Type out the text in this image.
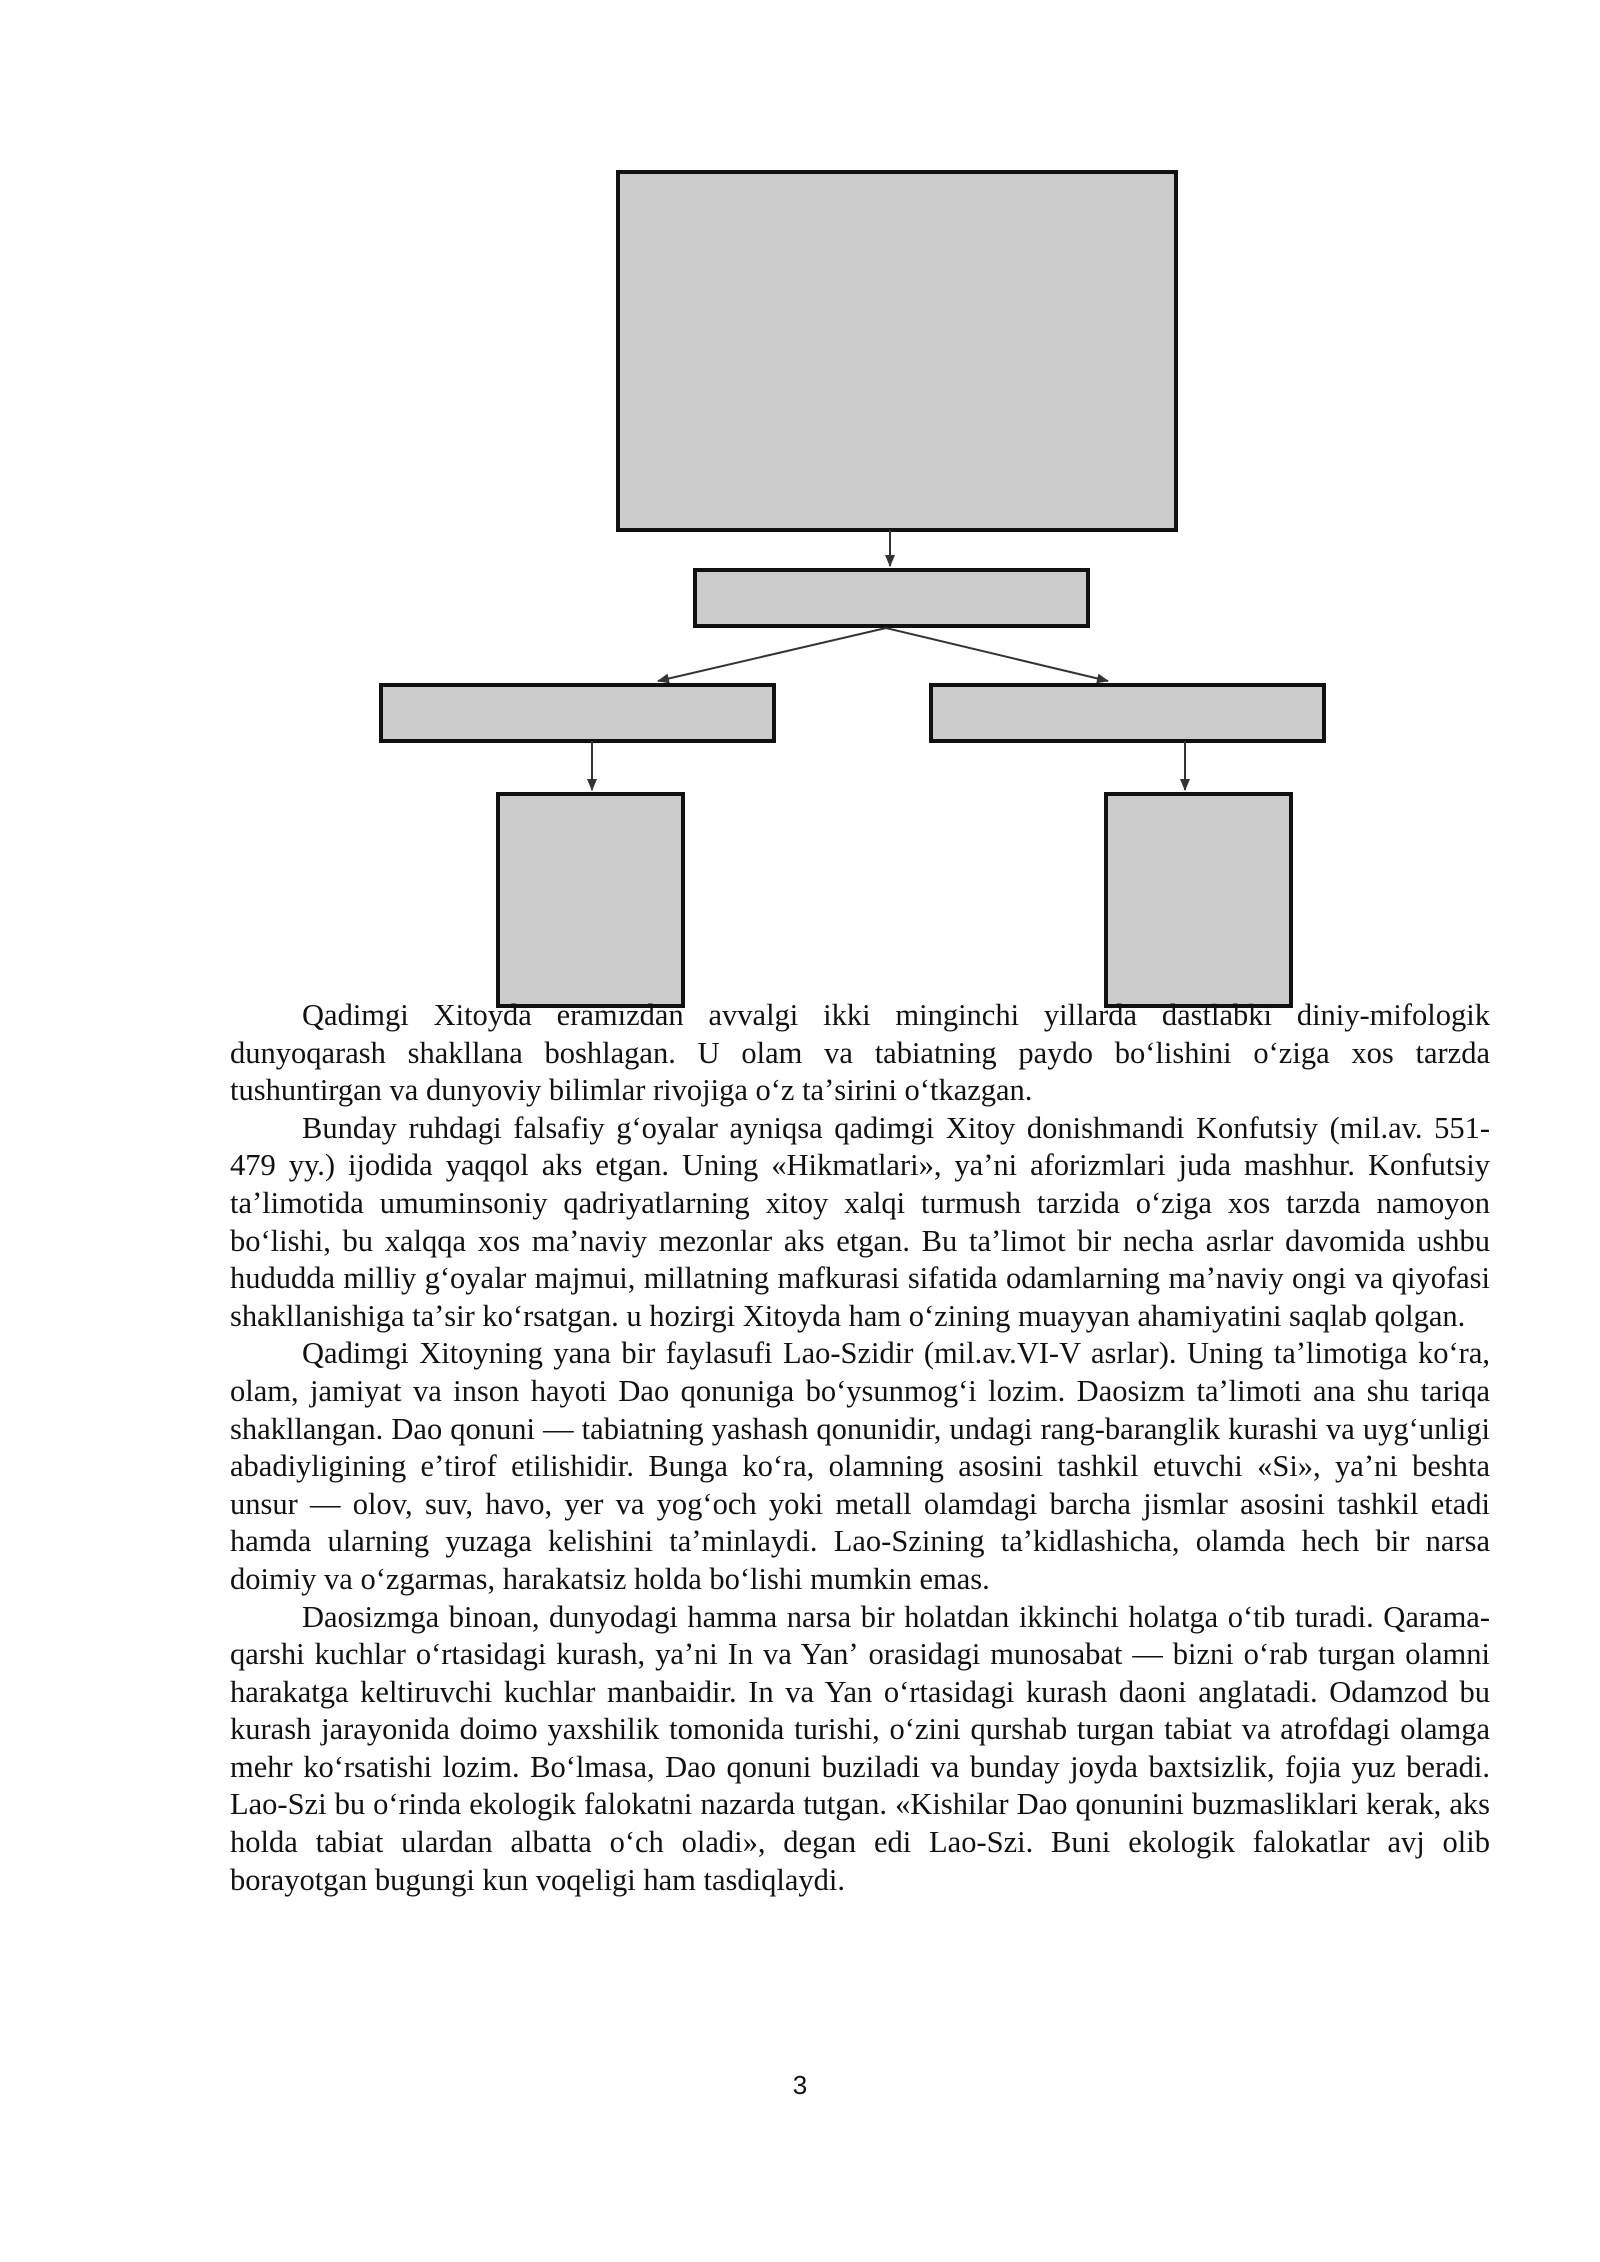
Qadimgi Xitoyda eramizdan avvalgi ikki minginchi yillarda dastlabki diniy-mifologik dunyoqarash shakllana boshlagan. U olam va tabiatning paydo boʻlishini oʻziga xos tarzda tushuntirgan va dunyoviy bilimlar rivojiga oʻz taʼsirini oʻtkazgan.

Bunday ruhdagi falsafiy gʻoyalar ayniqsa qadimgi Xitoy donishmandi Konfutsiy (mil.av. 551-479 yy.) ijodida yaqqol aks etgan. Uning «Hikmatlari», yaʼni aforizmlari juda mashhur. Konfutsiy taʼlimotida umuminsoniy qadriyatlarning xitoy xalqi turmush tarzida oʻziga xos tarzda namoyon boʻlishi, bu xalqqa xos maʼnaviy mezonlar aks etgan. Bu taʼlimot bir necha asrlar davomida ushbu hududda milliy gʻoyalar majmui, millatning mafkurasi sifatida odamlarning maʼnaviy ongi va qiyofasi shakllanishiga taʼsir koʻrsatgan. u hozirgi Xitoyda ham oʻzining muayyan ahamiyatini saqlab qolgan.

Qadimgi Xitoyning yana bir faylasufi Lao-Szidir (mil.av.VI-V asrlar). Uning taʼlimotiga koʻra, olam, jamiyat va inson hayoti Dao qonuniga boʻysunmogʻi lozim. Daosizm taʼlimoti ana shu tariqa shakllangan. Dao qonuni — tabiatning yashash qonunidir, undagi rang-baranglik kurashi va uygʻunligi abadiyligining eʼtirof etilishidir. Bunga koʻra, olamning asosini tashkil etuvchi «Si», yaʼni beshta unsur — olov, suv, havo, yer va yogʻoch yoki metall olamdagi barcha jismlar asosini tashkil etadi hamda ularning yuzaga kelishini taʼminlaydi. Lao-Szining taʼkidlashicha, olamda hech bir narsa doimiy va oʻzgarmas, harakatsiz holda boʻlishi mumkin emas.

Daosizmga binoan, dunyodagi hamma narsa bir holatdan ikkinchi holatga oʻtib turadi. Qarama-qarshi kuchlar oʻrtasidagi kurash, yaʼni In va Yanʼ orasidagi munosabat — bizni oʻrab turgan olamni harakatga keltiruvchi kuchlar manbaidir. In va Yan oʻrtasidagi kurash daoni anglatadi. Odamzod bu kurash jarayonida doimo yaxshilik tomonida turishi, oʻzini qurshab turgan tabiat va atrofdagi olamga mehr koʻrsatishi lozim. Boʻlmasa, Dao qonuni buziladi va bunday joyda baxtsizlik, fojia yuz beradi. Lao-Szi bu oʻrinda ekologik falokatni nazarda tutgan. «Kishilar Dao qonunini buzmasliklari kerak, aks holda tabiat ulardan albatta oʻch oladi», degan edi Lao-Szi. Buni ekologik falokatlar avj olib borayotgan bugungi kun voqeligi ham tasdiqlaydi.

3
